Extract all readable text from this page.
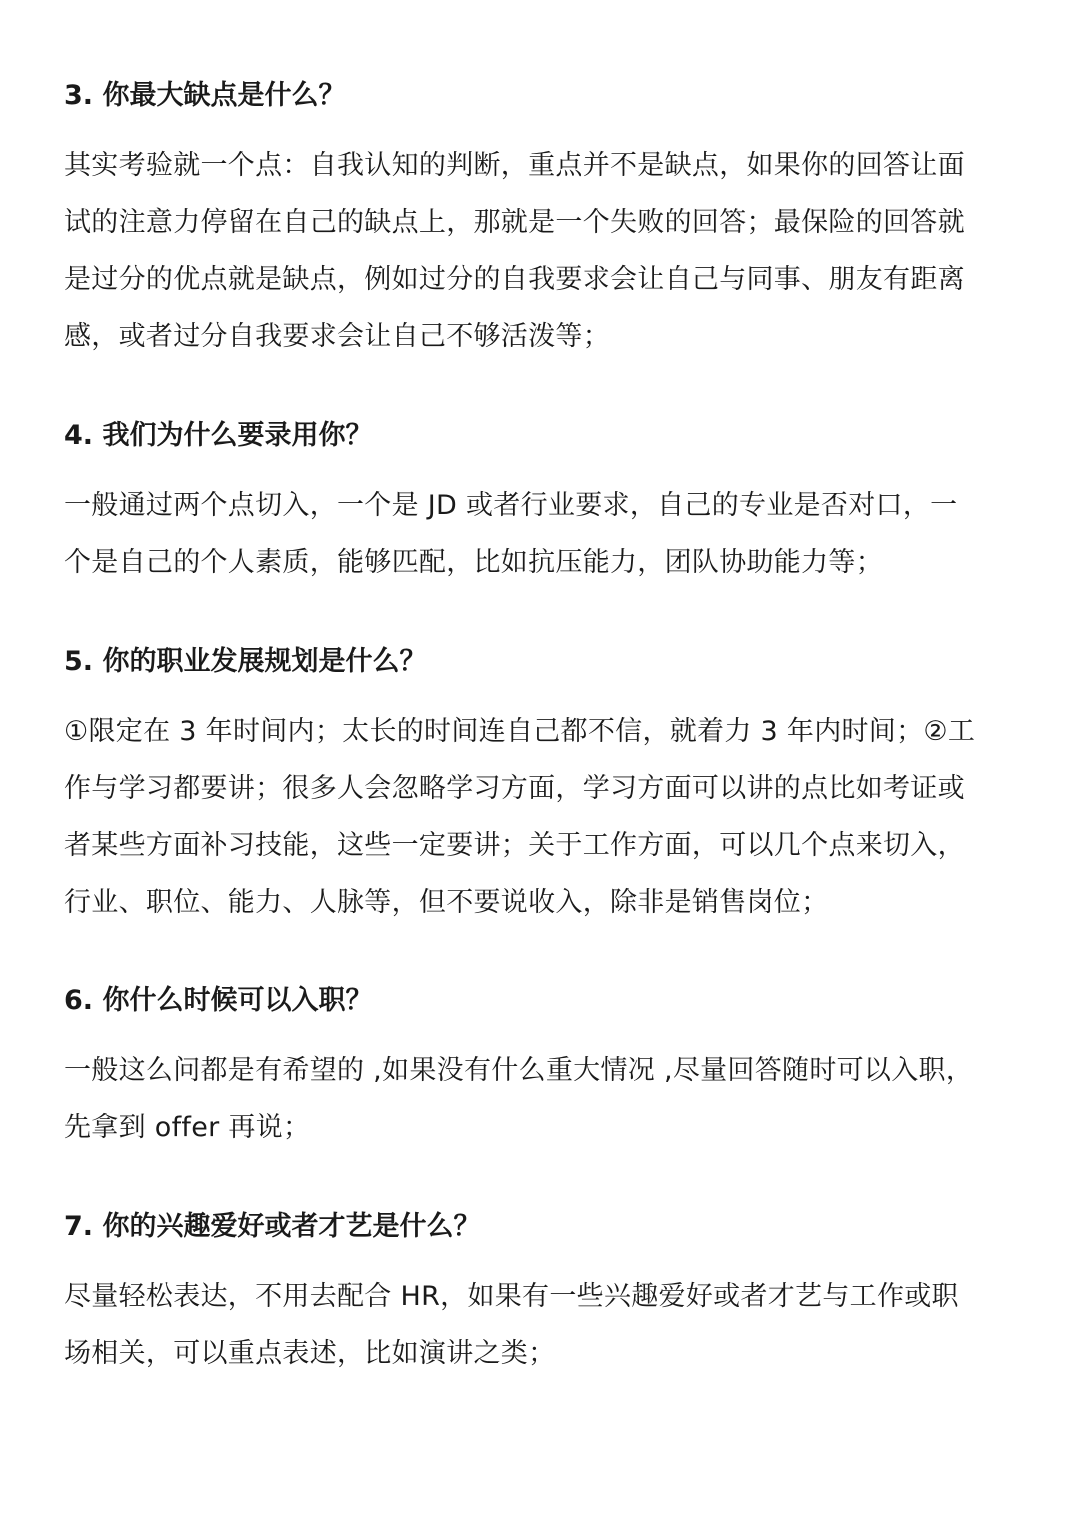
3. 你最大缺点是什么？
其实考验就一个点：自我认知的判断，重点并不是缺点，如果你的回答让面
试的注意力停留在自己的缺点上，那就是一个失败的回答；最保险的回答就
是过分的优点就是缺点，例如过分的自我要求会让自己与同事、朋友有距离
感，或者过分自我要求会让自己不够活泼等；
4. 我们为什么要录用你？
一般通过两个点切入，一个是 JD 或者行业要求，自己的专业是否对口，一
个是自己的个人素质，能够匹配，比如抗压能力，团队协助能力等；
5. 你的职业发展规划是什么？
①限定在 3 年时间内；太长的时间连自己都不信，就着力 3 年内时间；②工
作与学习都要讲；很多人会忽略学习方面，学习方面可以讲的点比如考证或
者某些方面补习技能，这些一定要讲；关于工作方面，可以几个点来切入，
行业、职位、能力、人脉等，但不要说收入，除非是销售岗位；
6. 你什么时候可以入职？
一般这么问都是有希望的 ,如果没有什么重大情况 ,尽量回答随时可以入职，
先拿到 offer 再说；
7. 你的兴趣爱好或者才艺是什么？
尽量轻松表达，不用去配合 HR，如果有一些兴趣爱好或者才艺与工作或职
场相关，可以重点表述，比如演讲之类；
